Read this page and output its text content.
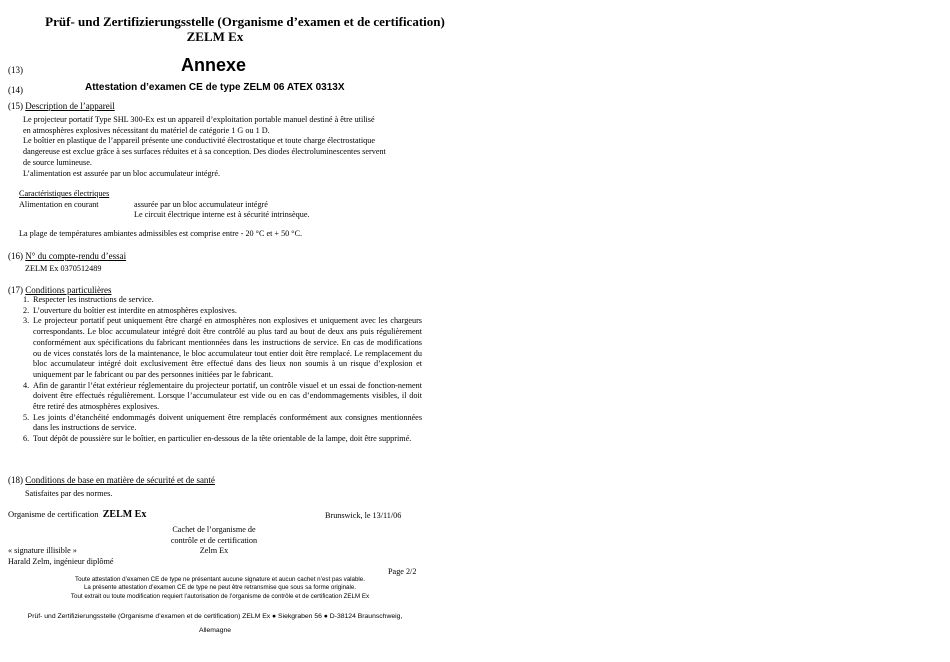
Prüf- und Zertifizierungsstelle (Organisme d’examen et de certification)
ZELM Ex
(13)	Annexe
(14)	Attestation d’examen CE de type ZELM 06 ATEX 0313X
(15) Description de l’appareil

Le projecteur portatif Type SHL 300-Ex est un appareil d’exploitation portable manuel destiné à être utilisé

en atmosphères explosives nécessitant du matériel de catégorie 1 G ou 1 D.

Le boîtier en plastique de l’appareil présente une conductivité électrostatique et toute charge électrostatique

dangereuse est exclue grâce à ses surfaces réduites et à sa conception. Des diodes électroluminescentes servent

de source lumineuse.

L’alimentation est assurée par un bloc accumulateur intégré.

Caractéristiques électriques
Alimentation en courant	assurée par un bloc accumulateur intégré
Le circuit électrique interne est à sécurité intrinsèque.
La plage de températures ambiantes admissibles est comprise entre - 20 °C et + 50 °C.
(16) N° du compte-rendu d’essai
ZELM Ex 0370512489
(17) Conditions particulières
1. Respecter les instructions de service.
2. L’ouverture du boîtier est interdite en atmosphères explosives.
3. Le projecteur portatif peut uniquement être chargé en atmosphères non explosives et uniquement avec les chargeurs correspondants. Le bloc accumulateur intégré doit être contrôlé au plus tard au bout de deux ans puis régulièrement conformément aux spécifications du fabricant mentionnées dans les instructions de service. En cas de modifications ou de vices constatés lors de la maintenance, le bloc accumulateur tout entier doit être remplacé. Le remplacement du bloc accumulateur intégré doit exclusivement être effectué dans des lieux non soumis à un risque d’explosion et uniquement par le fabricant ou par des personnes initiées par le fabricant.
4. Afin de garantir l’état extérieur réglementaire du projecteur portatif, un contrôle visuel et un essai de fonction-nement doivent être effectués régulièrement. Lorsque l’accumulateur est vide ou en cas d’endommagements visibles, il doit être retiré des atmosphères explosives.
5. Les joints d’étanchéité endommagés doivent uniquement être remplacés conformément aux consignes mentionnées dans les instructions de service.
6. Tout dépôt de poussière sur le boîtier, en particulier en-dessous de la tête orientable de la lampe, doit être supprimé.
(18) Conditions de base en matière de sécurité et de santé
Satisfaites par des normes.
Organisme de certification ZELM Ex	Brunswick, le 13/11/06

Cachet de l’organisme de

contrôle et de certification

Zelm Ex

« signature illisible »
Harald Zelm, ingénieur diplômé
Page 2/2
Toute attestation d’examen CE de type ne présentant aucune signature et aucun cachet n’est pas valable.
La présente attestation d’examen CE de type ne peut être retransmise que sous sa forme originale.
Tout extrait ou toute modification requiert l’autorisation de l’organisme de contrôle et de certification ZELM Ex
Prüf- und Zertifizierungsstelle (Organisme d’examen et de certification) ZELM Ex ● Siekgraben 56 ● D-38124 Braunschweig,
Allemagne
